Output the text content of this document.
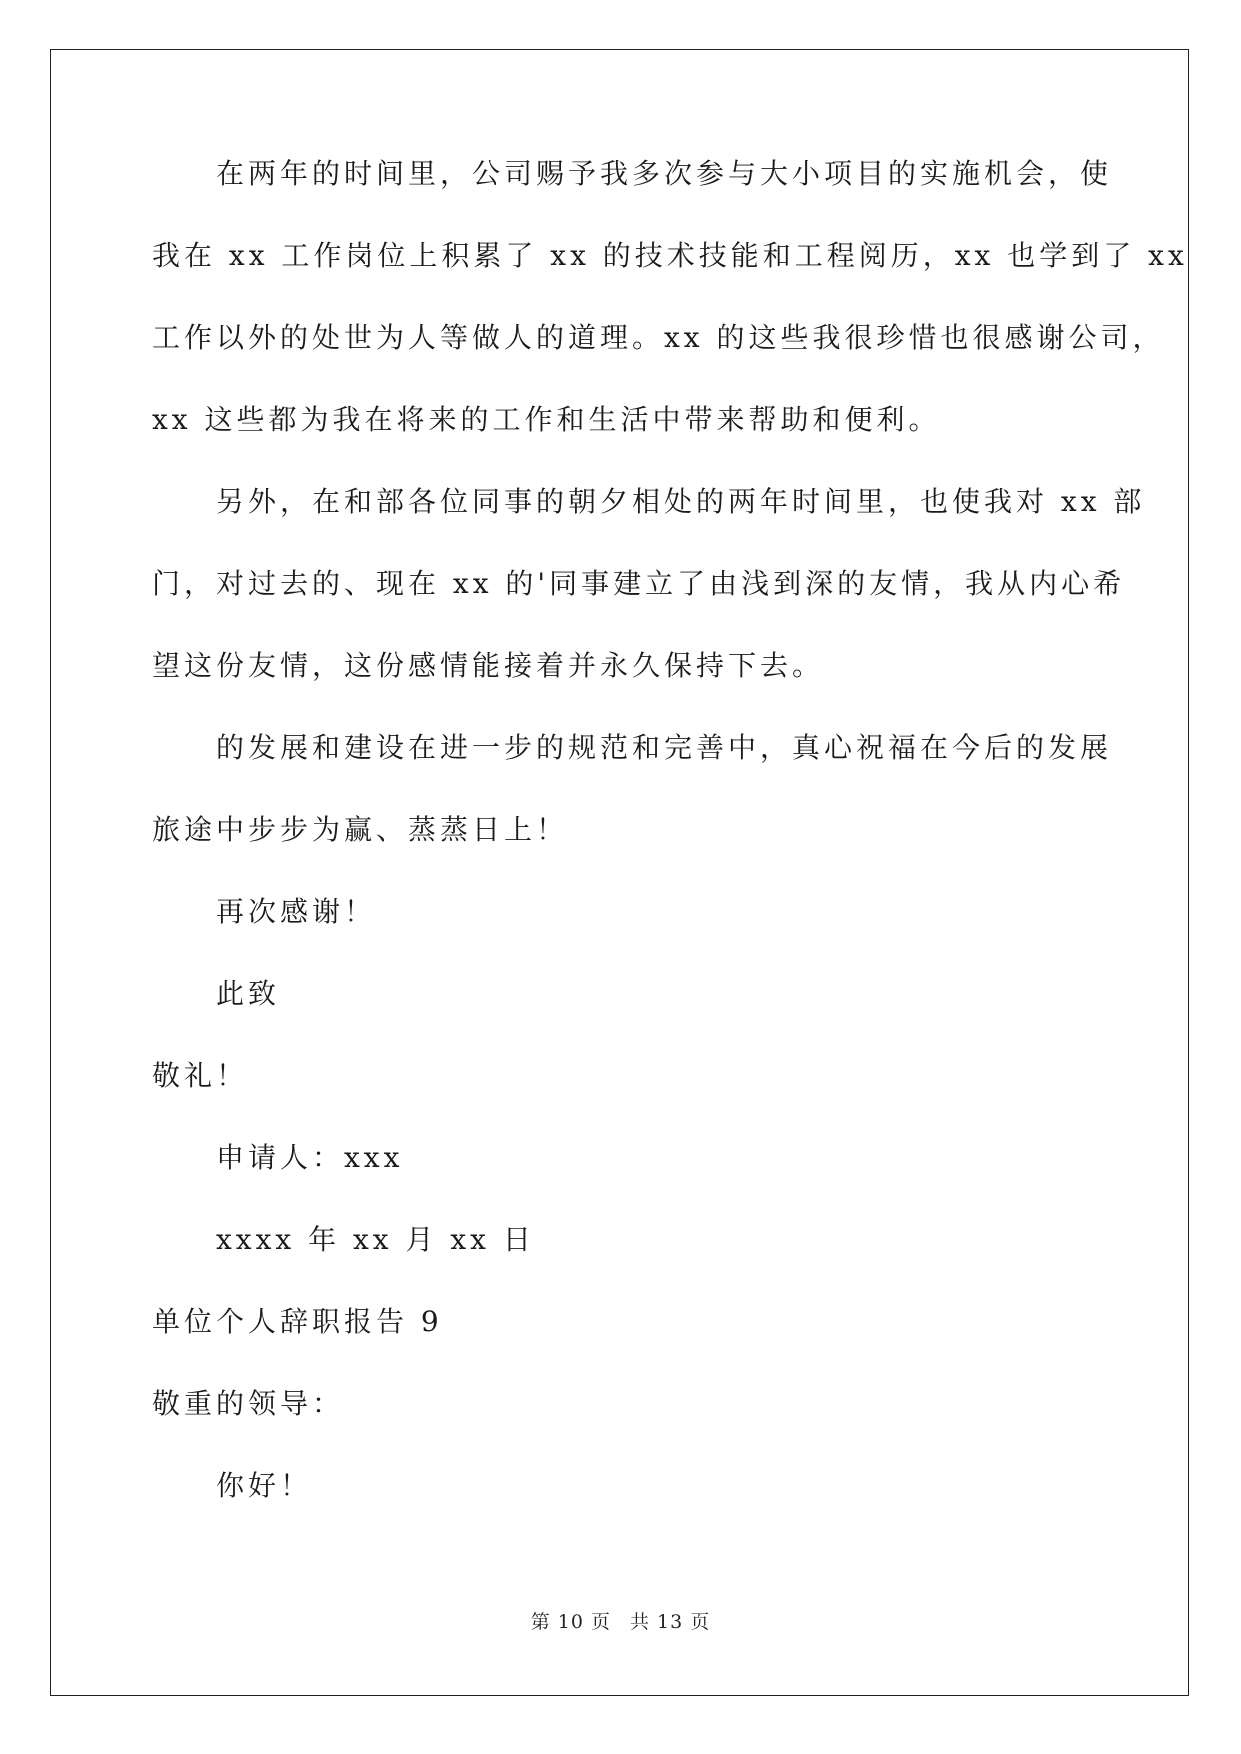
在两年的时间里，公司赐予我多次参与大小项目的实施机会，使
我在 xx 工作岗位上积累了 xx 的技术技能和工程阅历，xx 也学到了 xx
工作以外的处世为人等做人的道理。xx 的这些我很珍惜也很感谢公司，
xx 这些都为我在将来的工作和生活中带来帮助和便利。
另外，在和部各位同事的朝夕相处的两年时间里，也使我对 xx 部
门，对过去的、现在 xx 的'同事建立了由浅到深的友情，我从内心希
望这份友情，这份感情能接着并永久保持下去。
的发展和建设在进一步的规范和完善中，真心祝福在今后的发展
旅途中步步为赢、蒸蒸日上！
再次感谢！
此致
敬礼！
申请人：xxx
xxxx 年 xx 月 xx 日
单位个人辞职报告 9
敬重的领导：
你好！
第 10 页 共 13 页
